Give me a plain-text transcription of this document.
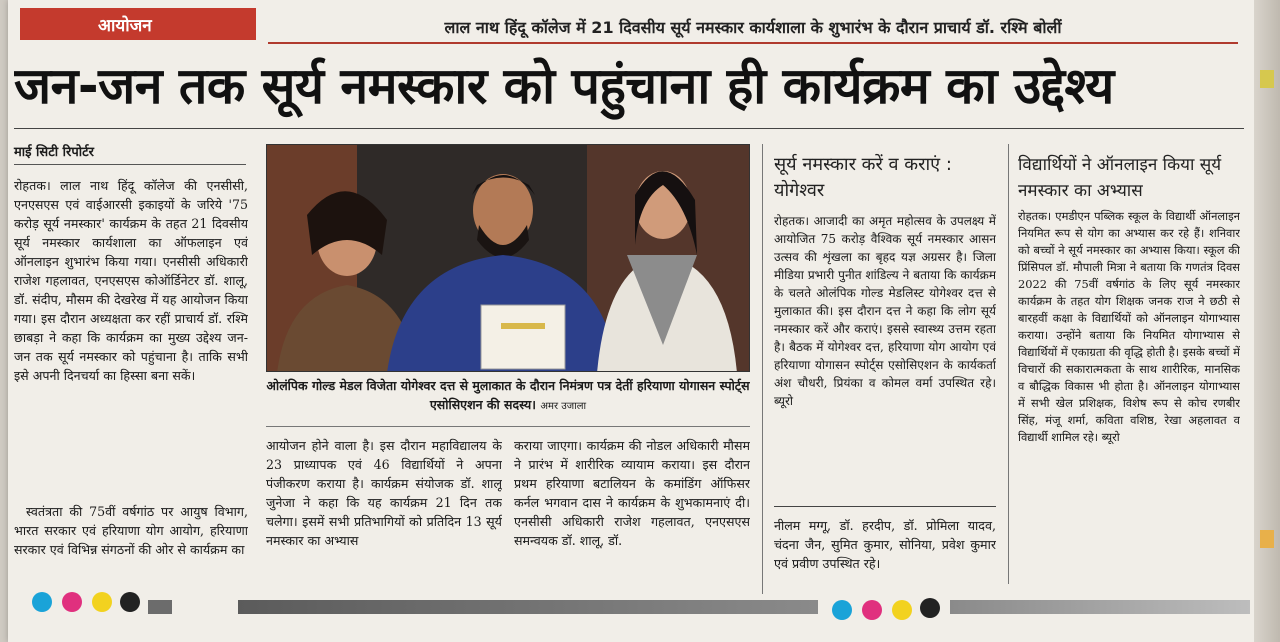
आयोजन	लाल नाथ हिंदू कॉलेज में 21 दिवसीय सूर्य नमस्कार कार्यशाला के शुभारंभ के दौरान प्राचार्य डॉ. रश्मि बोलीं
जन-जन तक सूर्य नमस्कार को पहुंचाना ही कार्यक्रम का उद्देश्य
माई सिटी रिपोर्टर
रोहतक। लाल नाथ हिंदू कॉलेज की एनसीसी, एनएसएस एवं वाईआरसी इकाइयों के जरिये '75 करोड़ सूर्य नमस्कार' कार्यक्रम के तहत 21 दिवसीय सूर्य नमस्कार कार्यशाला का ऑफलाइन एवं ऑनलाइन शुभारंभ किया गया। एनसीसी अधिकारी राजेश गहलावत, एनएसएस कोऑर्डिनेटर डॉ. शालू, डॉ. संदीप, मौसम की देखरेख में यह आयोजन किया गया। इस दौरान अध्यक्षता कर रहीं प्राचार्य डॉ. रश्मि छाबड़ा ने कहा कि कार्यक्रम का मुख्य उद्देश्य जन-जन तक सूर्य नमस्कार को पहुंचाना है। ताकि सभी इसे अपनी दिनचर्या का हिस्सा बना सकें।
स्वतंत्रता की 75वीं वर्षगांठ पर आयुष विभाग, भारत सरकार एवं हरियाणा योग आयोग, हरियाणा सरकार एवं विभिन्न संगठनों की ओर से कार्यक्रम का
ओलंपिक गोल्ड मेडल विजेता योगेश्वर दत्त से मुलाकात के दौरान निमंत्रण पत्र देतीं हरियाणा योगासन स्पोर्ट्स एसोसिएशन की सदस्य। अमर उजाला
आयोजन होने वाला है। इस दौरान महाविद्यालय के 23 प्राध्यापक एवं 46 विद्यार्थियों ने अपना पंजीकरण कराया है। कार्यक्रम संयोजक डॉ. शालू जुनेजा ने कहा कि यह कार्यक्रम 21 दिन तक चलेगा। इसमें सभी प्रतिभागियों को प्रतिदिन 13 सूर्य नमस्कार का अभ्यास
कराया जाएगा। कार्यक्रम की नोडल अधिकारी मौसम ने प्रारंभ में शारीरिक व्यायाम कराया। इस दौरान प्रथम हरियाणा बटालियन के कमांडिंग ऑफिसर कर्नल भगवान दास ने कार्यक्रम के शुभकामनाएं दी। एनसीसी अधिकारी राजेश गहलावत, एनएसएस समन्वयक डॉ. शालू, डॉ.
सूर्य नमस्कार करें व कराएं : योगेश्वर
रोहतक। आजादी का अमृत महोत्सव के उपलक्ष्य में आयोजित 75 करोड़ वैश्विक सूर्य नमस्कार आसन उत्सव की शृंखला का बृहद यज्ञ अग्रसर है। जिला मीडिया प्रभारी पुनीत शांडिल्य ने बताया कि कार्यक्रम के चलते ओलंपिक गोल्ड मेडलिस्ट योगेश्वर दत्त से मुलाकात की। इस दौरान दत्त ने कहा कि लोग सूर्य नमस्कार करें और कराएं। इससे स्वास्थ्य उत्तम रहता है। बैठक में योगेश्वर दत्त, हरियाणा योग आयोग एवं हरियाणा योगासन स्पोर्ट्स एसोसिएशन के कार्यकर्ता अंश चौधरी, प्रियंका व कोमल वर्मा उपस्थित रहे। ब्यूरो
नीलम मग्गू, डॉ. हरदीप, डॉ. प्रोमिला यादव, चंदना जैन, सुमित कुमार, सोनिया, प्रवेश कुमार एवं प्रवीण उपस्थित रहे।
विद्यार्थियों ने ऑनलाइन किया सूर्य नमस्कार का अभ्यास
रोहतक। एमडीएन पब्लिक स्कूल के विद्यार्थी ऑनलाइन नियमित रूप से योग का अभ्यास कर रहे हैं। शनिवार को बच्चों ने सूर्य नमस्कार का अभ्यास किया। स्कूल की प्रिंसिपल डॉ. मौपाली मित्रा ने बताया कि गणतंत्र दिवस 2022 की 75वीं वर्षगांठ के लिए सूर्य नमस्कार कार्यक्रम के तहत योग शिक्षक जनक राज ने छठी से बारहवीं कक्षा के विद्यार्थियों को ऑनलाइन योगाभ्यास कराया। उन्होंने बताया कि नियमित योगाभ्यास से विद्यार्थियों में एकाग्रता की वृद्धि होती है। इसके बच्चों में विचारों की सकारात्मकता के साथ शारीरिक, मानसिक व बौद्धिक विकास भी होता है। ऑनलाइन योगाभ्यास में सभी खेल प्रशिक्षक, विशेष रूप से कोच रणबीर सिंह, मंजू शर्मा, कविता वशिष्ठ, रेखा अहलावत व विद्यार्थी शामिल रहे। ब्यूरो
